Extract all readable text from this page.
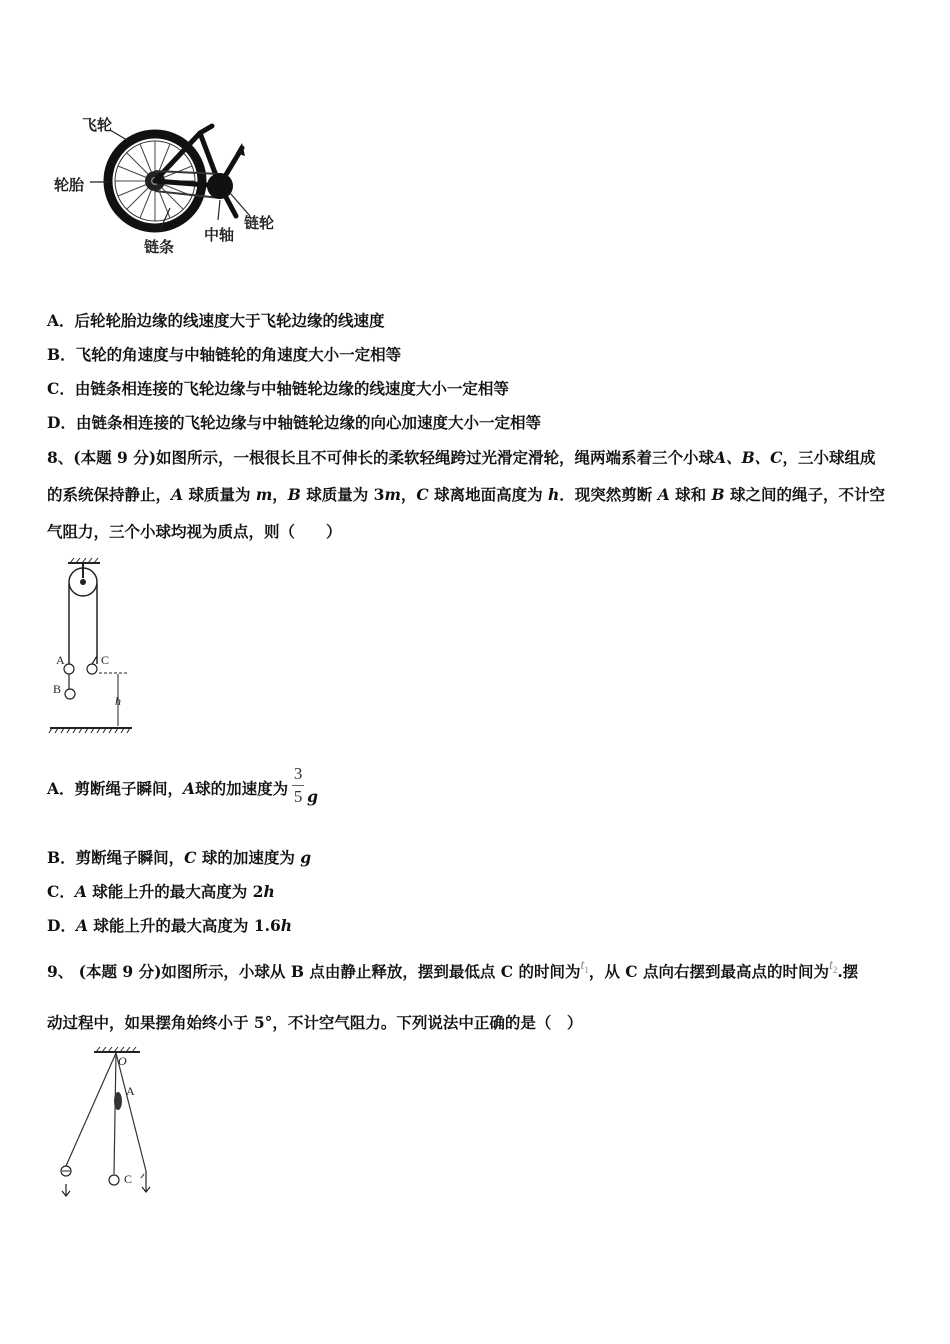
飞轮
轮胎
链条
中轴
链轮
A．后轮轮胎边缘的线速度大于飞轮边缘的线速度
B．飞轮的角速度与中轴链轮的角速度大小一定相等
C．由链条相连接的飞轮边缘与中轴链轮边缘的线速度大小一定相等
D．由链条相连接的飞轮边缘与中轴链轮边缘的向心加速度大小一定相等
8、(本题 9 分)如图所示，一根很长且不可伸长的柔软轻绳跨过光滑定滑轮，绳两端系着三个小球A、B、C，三小球组成
的系统保持静止，A 球质量为 m，B 球质量为 3m，C 球离地面高度为 h．现突然剪断 A 球和 B 球之间的绳子，不计空
气阻力，三个小球均视为质点，则（　　）
A
B
C
h
A． 剪断绳子瞬间， A 球的加速度为 $\frac{3}{5}$ g
B．剪断绳子瞬间，C 球的加速度为 g
C．A 球能上升的最大高度为 2h
D．A 球能上升的最大高度为 1.6h
9、 (本题 9 分)如图所示，小球从 B 点由静止释放，摆到最低点 C 的时间为$t_1$，从 C 点向右摆到最高点的时间为$t_2$.摆
动过程中，如果摆角始终小于 5°，不计空气阻力。下列说法中正确的是（　）
O
A
C
